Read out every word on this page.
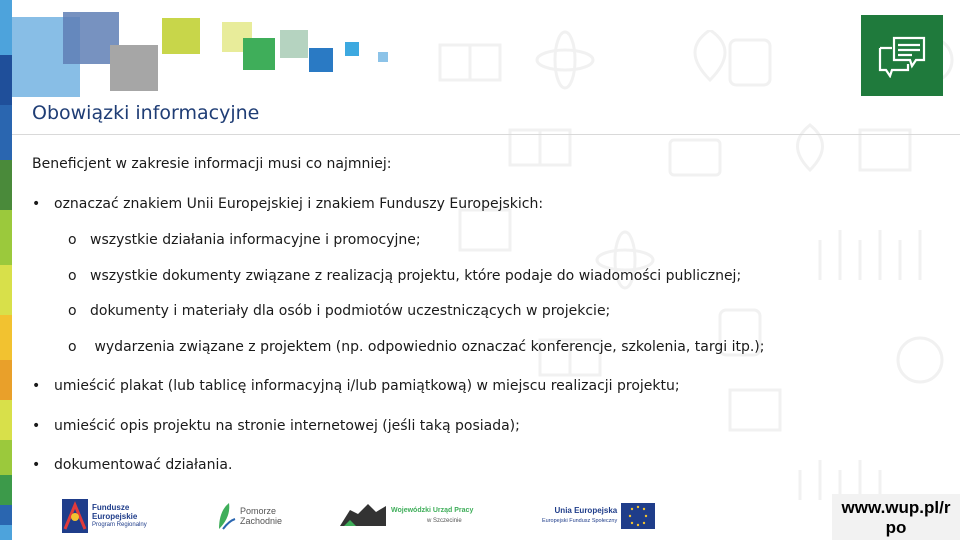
Obowiązki informacyjne
Beneficjent w zakresie informacji musi co najmniej:
• oznaczać znakiem Unii Europejskiej i znakiem Funduszy Europejskich:
o wszystkie działania informacyjne i promocyjne;
o wszystkie dokumenty związane z realizacją projektu, które podaje do wiadomości publicznej;
o dokumenty i materiały dla osób i podmiotów uczestniczących w projekcie;
o wydarzenia związane z projektem (np. odpowiednio oznaczać konferencje, szkolenia, targi itp.);
• umieścić plakat (lub tablicę informacyjną i/lub pamiątkową) w miejscu realizacji projektu;
• umieścić opis projektu na stronie internetowej (jeśli taką posiada);
• dokumentować działania.
Fundusze
Europejskie
Program Regionalny
Pomorze
Zachodnie
Wojewódzki Urząd Pracy
w Szczecinie
Unia Europejska
Europejski Fundusz Społeczny
www.wup.pl/r
po
